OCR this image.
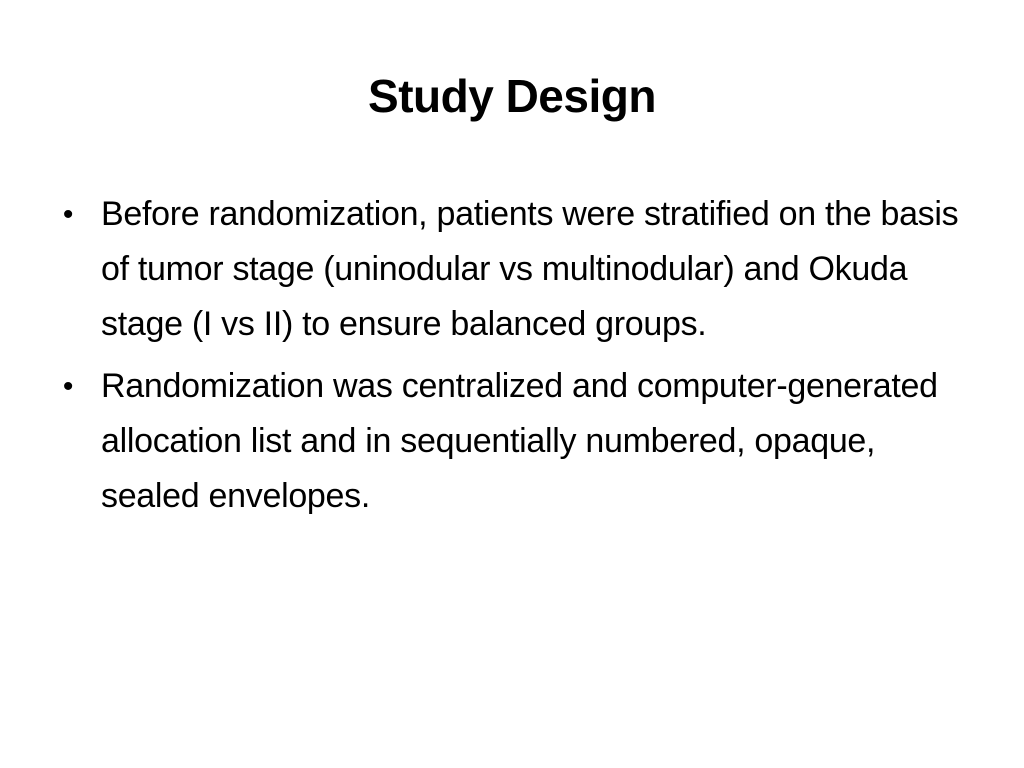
Study Design
• Before randomization, patients were stratified on the basis of tumor stage (uninodular vs multinodular) and Okuda stage (I vs II) to ensure balanced groups.
• Randomization was centralized and computer-generated allocation list and in sequentially numbered, opaque, sealed envelopes.
